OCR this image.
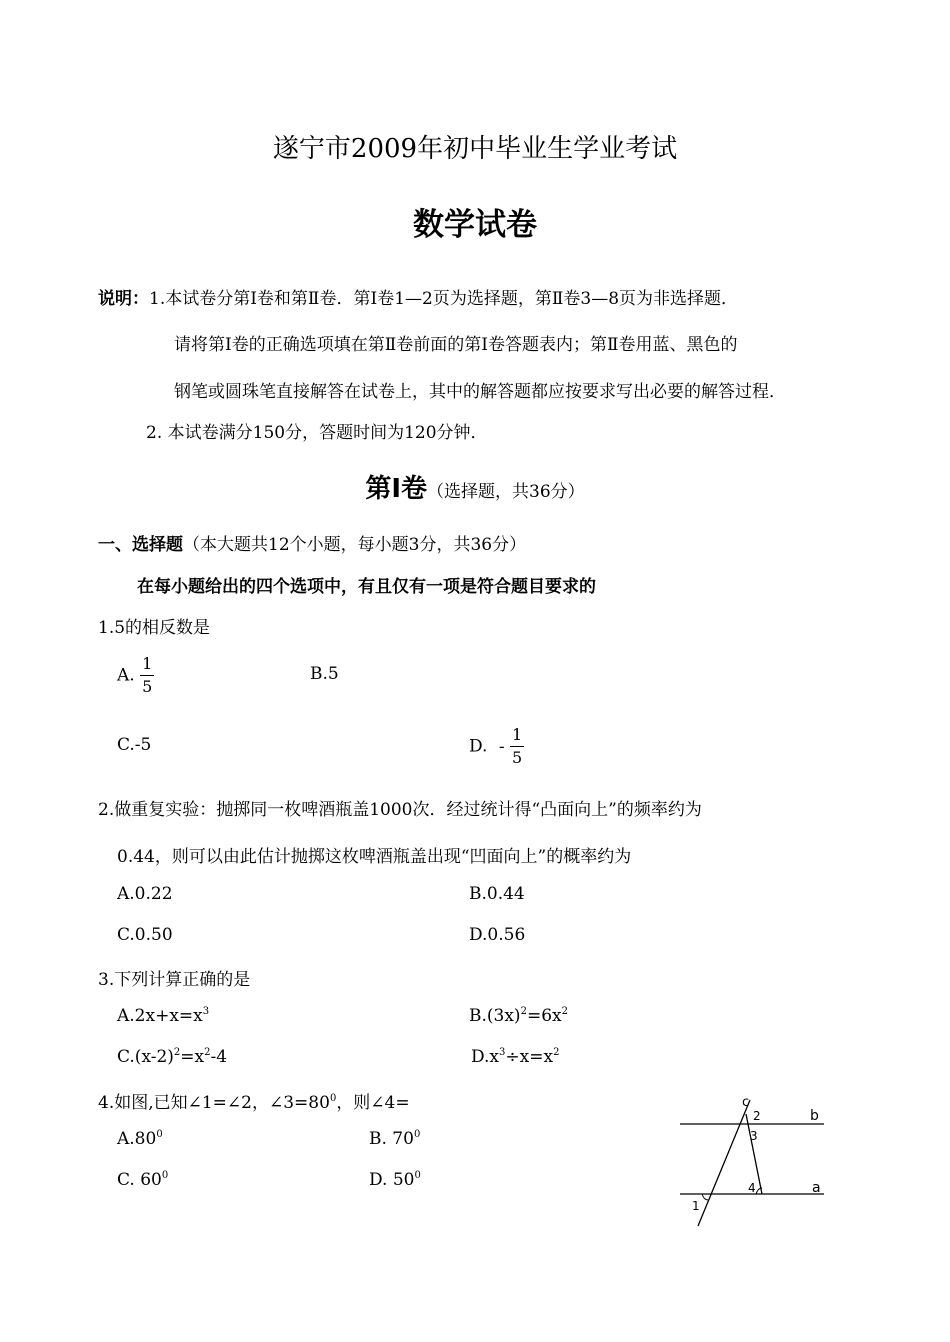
遂宁市2009年初中毕业生学业考试
数学试卷
说明：1.本试卷分第Ⅰ卷和第Ⅱ卷．第Ⅰ卷1—2页为选择题，第Ⅱ卷3—8页为非选择题．
请将第Ⅰ卷的正确选项填在第Ⅱ卷前面的第Ⅰ卷答题表内；第Ⅱ卷用蓝、黑色的
钢笔或圆珠笔直接解答在试卷上，其中的解答题都应按要求写出必要的解答过程．
2. 本试卷满分150分，答题时间为120分钟．
第Ⅰ卷（选择题，共36分）
一、选择题（本大题共12个小题，每小题3分，共36分）
在每小题给出的四个选项中，有且仅有一项是符合题目要求的
1.5的相反数是
A. $\frac{1}{5}$	B.5
C.-5	D. - $\frac{1}{5}$
2.做重复实验：抛掷同一枚啤酒瓶盖1000次．经过统计得“凸面向上”的频率约为
0.44，则可以由此估计抛掷这枚啤酒瓶盖出现“凹面向上”的概率约为
A.0.22	B.0.44
C.0.50	D.0.56
3.下列计算正确的是
$A.2x+x=x^3$	$B.(3x)^2=6x^2$
$C.(x-2)^2=x^2-4$	$D.x^3\div x=x^2$
4.如图,已知∠1=∠2，$\angle 3=80^0$，则∠4=
$A.80^0$	B. $70^0$
C. $60^0$	D. $50^0$
c
2	b
3
4	a
1
